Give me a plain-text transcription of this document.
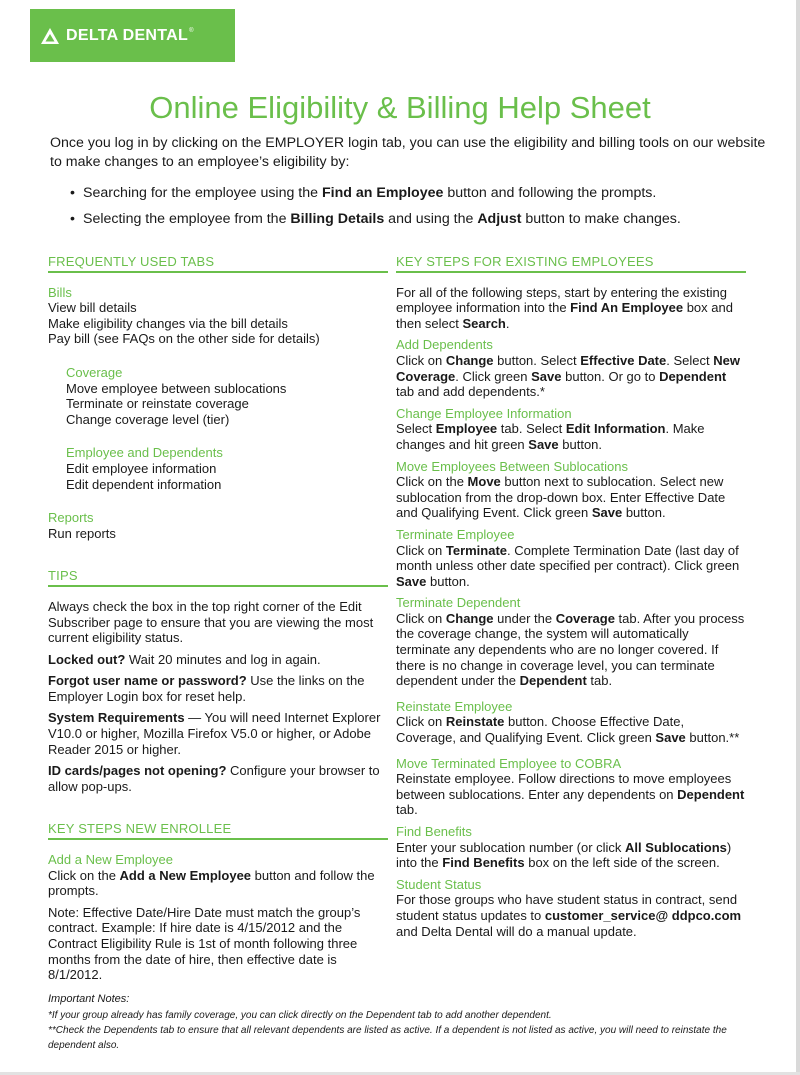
DELTA DENTAL ®
Online Eligibility & Billing Help Sheet

Once you log in by clicking on the EMPLOYER login tab, you can use the eligibility and billing tools on our website to make changes to an employee’s eligibility by:

• Searching for the employee using the Find an Employee button and following the prompts.
• Selecting the employee from the Billing Details and using the Adjust button to make changes.
FREQUENTLY USED TABS
Bills

View bill details

Make eligibility changes via the bill details

Pay bill (see FAQs on the other side for details)

Coverage

Move employee between sublocations

Terminate or reinstate coverage

Change coverage level (tier)

Employee and Dependents

Edit employee information

Edit dependent information

Reports

Run reports

TIPS

Always check the box in the top right corner of the Edit Subscriber page to ensure that you are viewing the most current eligibility status.

Locked out? Wait 20 minutes and log in again.

Forgot user name or password? Use the links on the Employer Login box for reset help.

System Requirements — You will need Internet Explorer V10.0 or higher, Mozilla Firefox V5.0 or higher, or Adobe Reader 2015 or higher.

ID cards/pages not opening? Configure your browser to allow pop-ups.

KEY STEPS NEW ENROLLEE
Add a New Employee

Click on the Add a New Employee button and follow the prompts.

Note: Effective Date/Hire Date must match the group’s contract. Example: If hire date is 4/15/2012 and the Contract Eligibility Rule is 1st of month following three months from the date of hire, then effective date is 8/1/2012.

KEY STEPS FOR EXISTING EMPLOYEES

For all of the following steps, start by entering the existing employee information into the Find An Employee box and then select Search.

Add Dependents

Click on Change button. Select Effective Date. Select New Coverage. Click green Save button. Or go to Dependent tab and add dependents.*

Change Employee Information

Select Employee tab. Select Edit Information. Make changes and hit green Save button.

Move Employees Between Sublocations

Click on the Move button next to sublocation. Select new sublocation from the drop-down box. Enter Effective Date and Qualifying Event. Click green Save button.

Terminate Employee

Click on Terminate. Complete Termination Date (last day of month unless other date specified per contract). Click green Save button.

Terminate Dependent

Click on Change under the Coverage tab. After you process the coverage change, the system will automatically terminate any dependents who are no longer covered. If there is no change in coverage level, you can terminate dependent under the Dependent tab.

Reinstate Employee

Click on Reinstate button. Choose Effective Date, Coverage, and Qualifying Event. Click green Save button.**

Move Terminated Employee to COBRA

Reinstate employee. Follow directions to move employees between sublocations. Enter any dependents on Dependent tab.

Find Benefits

Enter your sublocation number (or click All Sublocations) into the Find Benefits box on the left side of the screen.

Student Status

For those groups who have student status in contract, send student status updates to customer_service@ ddpco.com and Delta Dental will do a manual update.

Important Notes:
*If your group already has family coverage, you can click directly on the Dependent tab to add another dependent.
**Check the Dependents tab to ensure that all relevant dependents are listed as active. If a dependent is not listed as active, you will need to reinstate the dependent also.
